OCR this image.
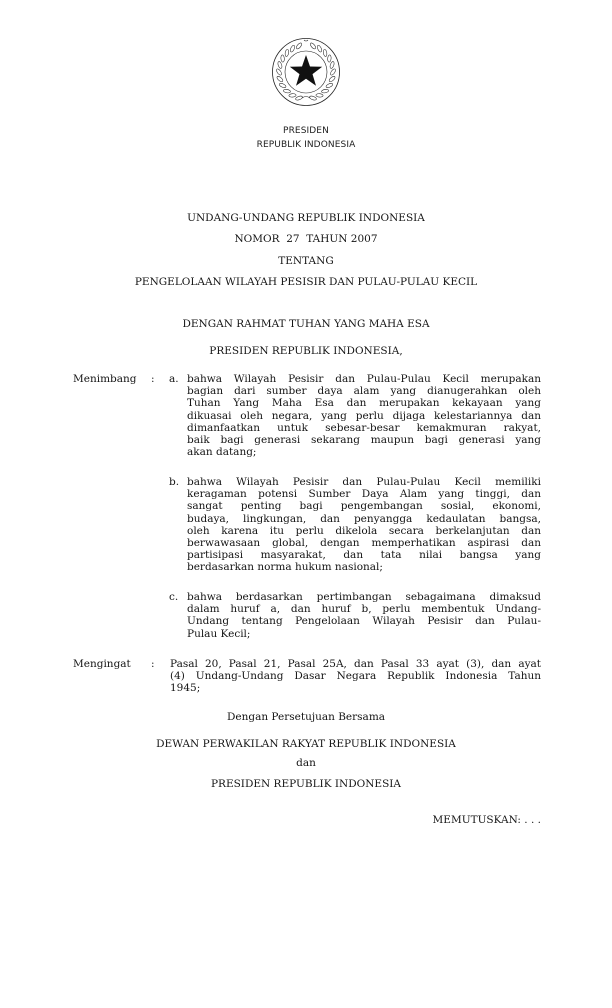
PRESIDEN
REPUBLIK INDONESIA
UNDANG-UNDANG REPUBLIK INDONESIA
NOMOR  27  TAHUN 2007
TENTANG
PENGELOLAAN WILAYAH PESISIR DAN PULAU-PULAU KECIL
DENGAN RAHMAT TUHAN YANG MAHA ESA
PRESIDEN REPUBLIK INDONESIA,
Menimbang : a. bahwa Wilayah Pesisir dan Pulau-Pulau Kecil merupakan
bagian dari sumber daya alam yang dianugerahkan oleh
Tuhan Yang Maha Esa dan merupakan kekayaan yang
dikuasai oleh negara, yang perlu dijaga kelestariannya dan
dimanfaatkan untuk sebesar-besar kemakmuran rakyat,
baik bagi generasi sekarang maupun bagi generasi yang
akan datang;
b. bahwa Wilayah Pesisir dan Pulau-Pulau Kecil memiliki
keragaman potensi Sumber Daya Alam yang tinggi, dan
sangat penting bagi pengembangan sosial, ekonomi,
budaya, lingkungan, dan penyangga kedaulatan bangsa,
oleh karena itu perlu dikelola secara berkelanjutan dan
berwawasaan global, dengan memperhatikan aspirasi dan
partisipasi masyarakat, dan tata nilai bangsa yang
berdasarkan norma hukum nasional;
c. bahwa berdasarkan pertimbangan sebagaimana dimaksud
dalam huruf a, dan huruf b, perlu membentuk Undang-
Undang tentang Pengelolaan Wilayah Pesisir dan Pulau-
Pulau Kecil;
Mengingat : Pasal 20, Pasal 21, Pasal 25A, dan Pasal 33 ayat (3), dan ayat
(4) Undang-Undang Dasar Negara Republik Indonesia Tahun
1945;
Dengan Persetujuan Bersama
DEWAN PERWAKILAN RAKYAT REPUBLIK INDONESIA
dan
PRESIDEN REPUBLIK INDONESIA
MEMUTUSKAN: . . .
